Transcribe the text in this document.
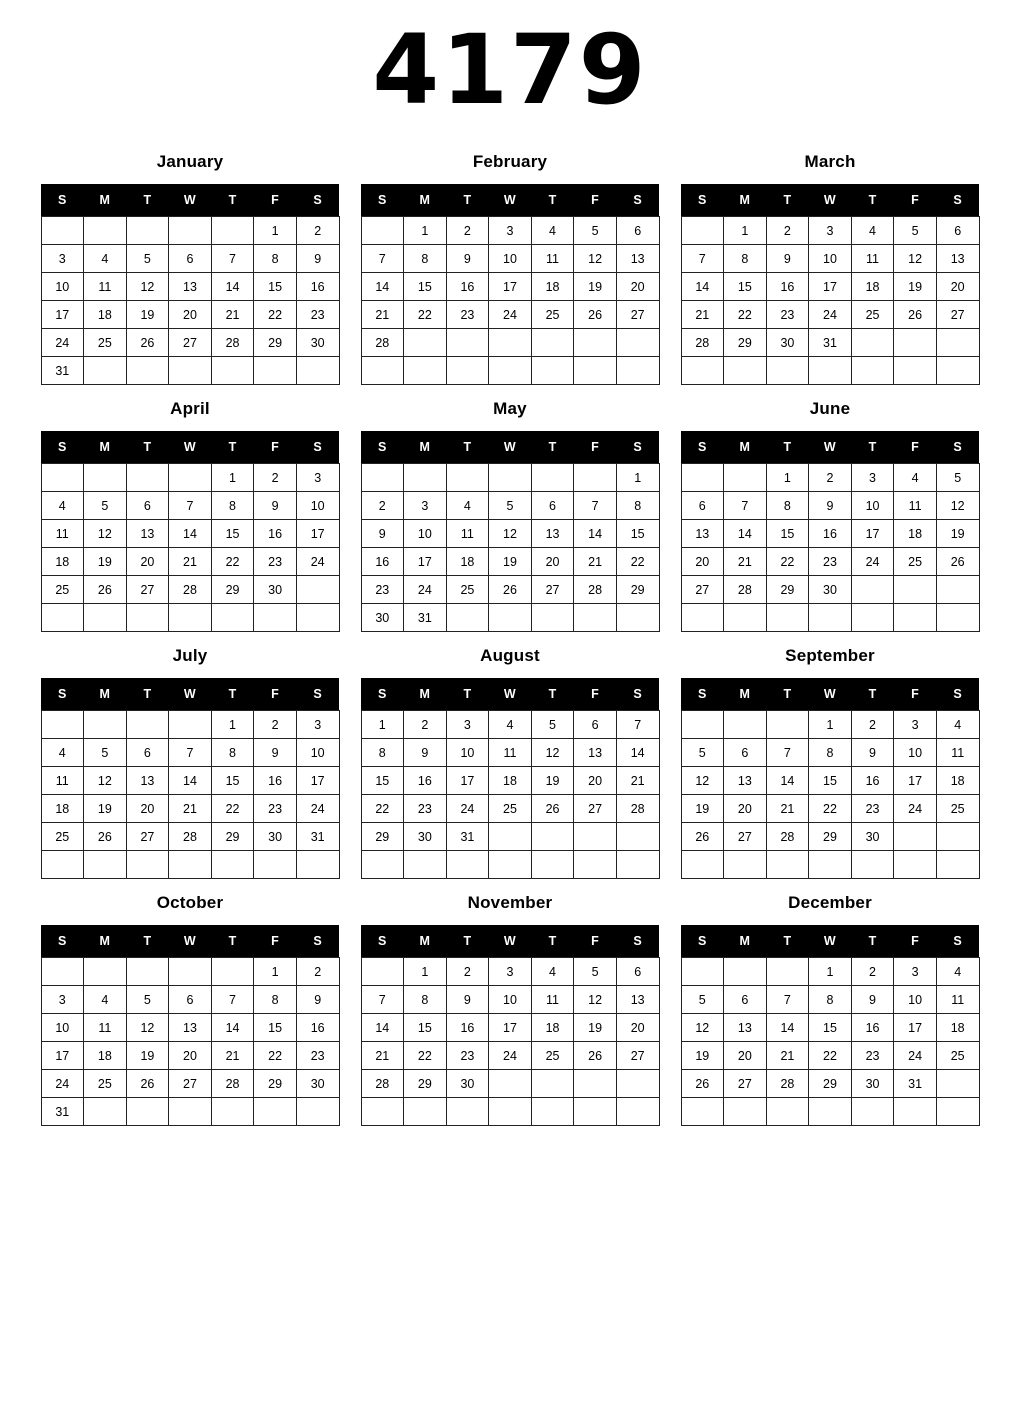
4179
January
S	M	T	W	T	F	S
					1	2
3	4	5	6	7	8	9
10	11	12	13	14	15	16
17	18	19	20	21	22	23
24	25	26	27	28	29	30
31						
February
S	M	T	W	T	F	S
	1	2	3	4	5	6
7	8	9	10	11	12	13
14	15	16	17	18	19	20
21	22	23	24	25	26	27
28						

March
S	M	T	W	T	F	S
	1	2	3	4	5	6
7	8	9	10	11	12	13
14	15	16	17	18	19	20
21	22	23	24	25	26	27
28	29	30	31			

April
S	M	T	W	T	F	S
				1	2	3
4	5	6	7	8	9	10
11	12	13	14	15	16	17
18	19	20	21	22	23	24
25	26	27	28	29	30	

May
S	M	T	W	T	F	S
						1
2	3	4	5	6	7	8
9	10	11	12	13	14	15
16	17	18	19	20	21	22
23	24	25	26	27	28	29
30	31					
June
S	M	T	W	T	F	S
		1	2	3	4	5
6	7	8	9	10	11	12
13	14	15	16	17	18	19
20	21	22	23	24	25	26
27	28	29	30			

July
S	M	T	W	T	F	S
				1	2	3
4	5	6	7	8	9	10
11	12	13	14	15	16	17
18	19	20	21	22	23	24
25	26	27	28	29	30	31

August
S	M	T	W	T	F	S
1	2	3	4	5	6	7
8	9	10	11	12	13	14
15	16	17	18	19	20	21
22	23	24	25	26	27	28
29	30	31				

September
S	M	T	W	T	F	S
			1	2	3	4
5	6	7	8	9	10	11
12	13	14	15	16	17	18
19	20	21	22	23	24	25
26	27	28	29	30		

October
S	M	T	W	T	F	S
					1	2
3	4	5	6	7	8	9
10	11	12	13	14	15	16
17	18	19	20	21	22	23
24	25	26	27	28	29	30
31						
November
S	M	T	W	T	F	S
	1	2	3	4	5	6
7	8	9	10	11	12	13
14	15	16	17	18	19	20
21	22	23	24	25	26	27
28	29	30				

December
S	M	T	W	T	F	S
			1	2	3	4
5	6	7	8	9	10	11
12	13	14	15	16	17	18
19	20	21	22	23	24	25
26	27	28	29	30	31	
